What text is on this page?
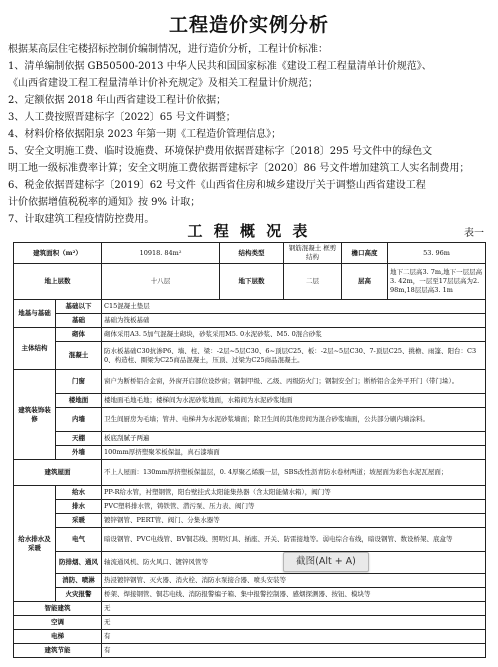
工程造价实例分析
根据某高层住宅楼招标控制价编制情况，进行造价分析，工程计价标准：
1、清单编制依据 GB50500-2013 中华人民共和国国家标准《建设工程工程量清单计价规范》、
《山西省建设工程工程量清单计价补充规定》及相关工程量计价规范；
2、定额依据 2018 年山西省建设工程计价依据；
3、人工费按照晋建标字〔2022〕65 号文件调整；
4、材料价格依据阳泉 2023 年第一期《工程造价管理信息》；
5、安全文明施工费、临时设施费、环境保护费用依据晋建标字〔2018〕295 号文件中的绿色文
明工地一级标准费率计算；安全文明施工费依据晋建标字〔2020〕86 号文件增加建筑工人实名制费用；
6、税金依据晋建标字〔2019〕62 号文件《山西省住房和城乡建设厅关于调整山西省建设工程
计价依据增值税税率的通知》按 9% 计取；
7、计取建筑工程疫情防控费用。
工 程 概 况 表	表一
建筑面积（m²）		10918. 84m²	结构类型	钢筋混凝土 框剪结构	檐口高度	53. 96m
地上层数		十八层	地下层数	二层	层高	地下二层高3. 7m,地下一层层高3. 42m，一层至17层层高为2. 98m,18层层高3. 1m
地基与基础	基础以下	C15混凝土垫层				
	基础	基础为筏板基础				
主体结构	砌体	砌体采用A3. 5加气混凝土砌块，砂浆采用M5. 0水泥砂浆、M5. 0混合砂浆				
	混凝土	防水板基础C30抗渗P6、墙、柱、梁：-2层~5层C30、6~顶层C25、板：-2层~5层C30、7-顶层C25、挑檐、雨篷、阳台：C30、构造柱、圈梁为C25商品混凝土，压顶、过梁为C25商品混凝土。				
建筑装饰装修	门窗	窗户为断桥铝合金窗，外窗开启部位设纱窗；钢制甲级、乙级、丙级防火门；钢制安全门；断桥铝合金外平开门（带门垛）。				
	楼地面	楼地面毛地毛地；楼梯间为水泥砂浆地面，水箱间为水泥砂浆地面				
	内墙	卫生间厨房为毛墙；管井、电梯井为水泥砂浆墙面；除卫生间的其他房间为混合砂浆墙面，公共部分刷内墙涂料。				
	天棚	板底刮腻子两遍				
	外墙	100mm厚挤塑聚苯板保温，真石漆墙面				
建筑屋面		不上人屋面：130mm厚挤塑板保温层，0. 4厚聚乙烯膜一层，SBS改性沥青防水卷材两道；坡屋面为彩色水泥瓦屋面；				
给水排水及采暖	给水	PP-R给水管，衬塑钢管，阳台壁挂式太阳能集热器（含太阳能储水箱），阀门等				
	排水	PVC塑料排水管，铸铁管、潜污泵、压力表、阀门等				
	采暖	镀锌钢管、PERT管、阀门、分集水器等				
	电气	暗设钢管、PVC电线管、BV铜芯线、照明灯具、插座、开关、防雷接地等。弱电综合布线，暗设钢管、数设桥架、底盒等				
	防排烟、通风	轴流通风机、防火风口、镀锌风管等				
	消防、喷淋	热浸镀锌钢管、灭火器、消火栓、消防水泵接合器、喷头安装等				
	火灾报警	桥架、焊接钢管、铜芯电线、消防报警编子箱、集中报警控制器、感烟探测器、按钮、模块等				
智能建筑		无				
空调		无				
电梯		有				
建筑节能		有				
截图(Alt + A)
